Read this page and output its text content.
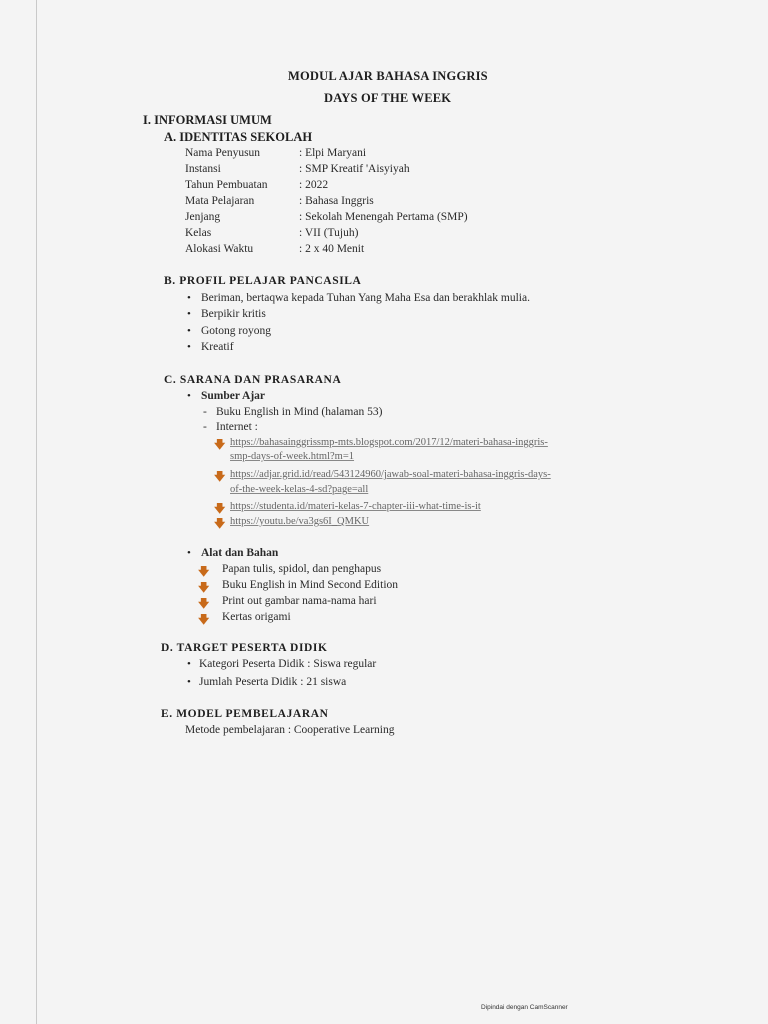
MODUL AJAR BAHASA INGGRIS
DAYS OF THE WEEK
I. INFORMASI UMUM
A. IDENTITAS SEKOLAH
Nama Penyusun	: Elpi Maryani
Instansi	: SMP Kreatif 'Aisyiyah
Tahun Pembuatan	: 2022
Mata Pelajaran	: Bahasa Inggris
Jenjang	: Sekolah Menengah Pertama (SMP)
Kelas	: VII (Tujuh)
Alokasi Waktu	: 2 x 40 Menit
B. PROFIL PELAJAR PANCASILA
• Beriman, bertaqwa kepada Tuhan Yang Maha Esa dan berakhlak mulia.
• Berpikir kritis
• Gotong royong
• Kreatif
C. SARANA DAN PRASARANA
• Sumber Ajar
- Buku English in Mind (halaman 53)
- Internet :
🡇 https://bahasainggrissmp-mts.blogspot.com/2017/12/materi-bahasa-inggris-
smp-days-of-week.html?m=1
🡇 https://adjar.grid.id/read/543124960/jawab-soal-materi-bahasa-inggris-days-
of-the-week-kelas-4-sd?page=all
🡇 https://studenta.id/materi-kelas-7-chapter-iii-what-time-is-it
🡇 https://youtu.be/va3gs6I_QMKU
• Alat dan Bahan
🡇 Papan tulis, spidol, dan penghapus
🡇 Buku English in Mind Second Edition
🡇 Print out gambar nama-nama hari
🡇 Kertas origami
D. TARGET PESERTA DIDIK
• Kategori Peserta Didik : Siswa regular
• Jumlah Peserta Didik : 21 siswa
E. MODEL PEMBELAJARAN
Metode pembelajaran : Cooperative Learning
Dipindai dengan CamScanner
